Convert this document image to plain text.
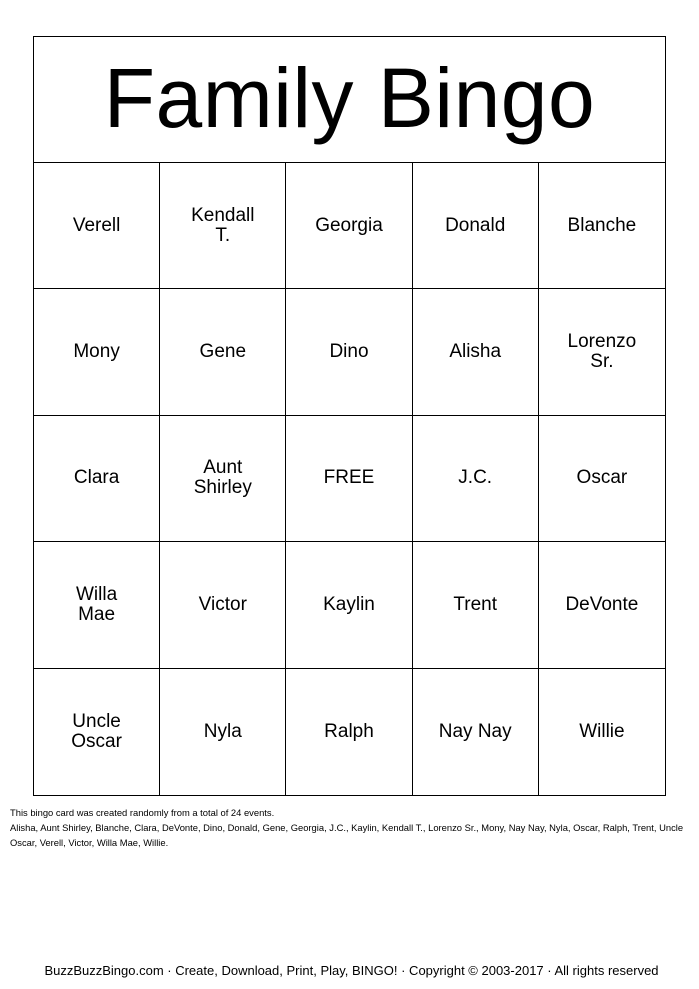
Family Bingo
Verell	Kendall T.	Georgia	Donald	Blanche
Mony	Gene	Dino	Alisha	Lorenzo Sr.
Clara	Aunt Shirley	FREE	J.C.	Oscar
Willa Mae	Victor	Kaylin	Trent	DeVonte
Uncle Oscar	Nyla	Ralph	Nay Nay	Willie
This bingo card was created randomly from a total of 24 events.
Alisha, Aunt Shirley, Blanche, Clara, DeVonte, Dino, Donald, Gene, Georgia, J.C., Kaylin, Kendall T., Lorenzo Sr., Mony, Nay Nay, Nyla, Oscar, Ralph, Trent, Uncle Oscar, Verell, Victor, Willa Mae, Willie.
BuzzBuzzBingo.com · Create, Download, Print, Play, BINGO! · Copyright © 2003-2017 · All rights reserved
